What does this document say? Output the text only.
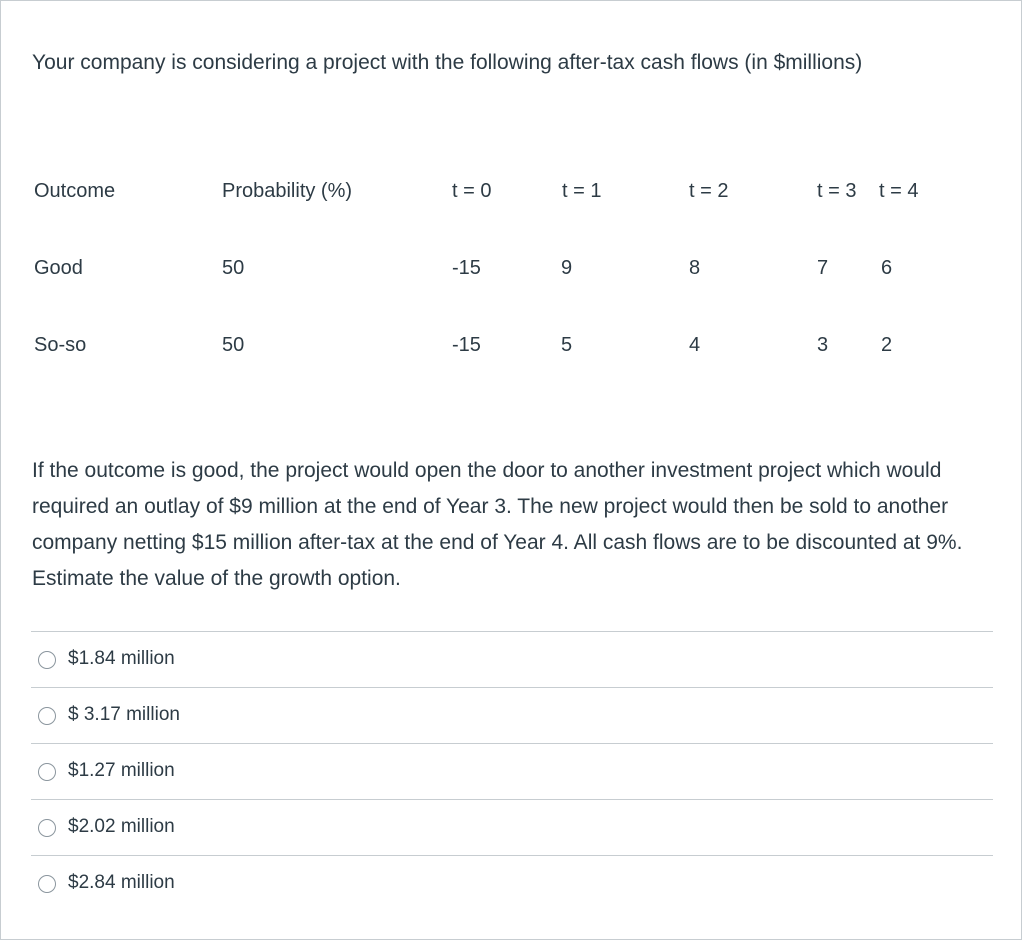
Your company is considering a project with the following after-tax cash flows (in $millions)
Outcome	Probability (%)	t = 0	t = 1	t = 2	t = 3 t = 4
Good	50	-15	9	8	7	6
So-so	50	-15	5	4	3	2
If the outcome is good, the project would open the door to another investment project which would required an outlay of $9 million at the end of Year 3. The new project would then be sold to another company netting $15 million after-tax at the end of Year 4. All cash flows are to be discounted at 9%. Estimate the value of the growth option.
$1.84 million
$ 3.17 million
$1.27 million
$2.02 million
$2.84 million
